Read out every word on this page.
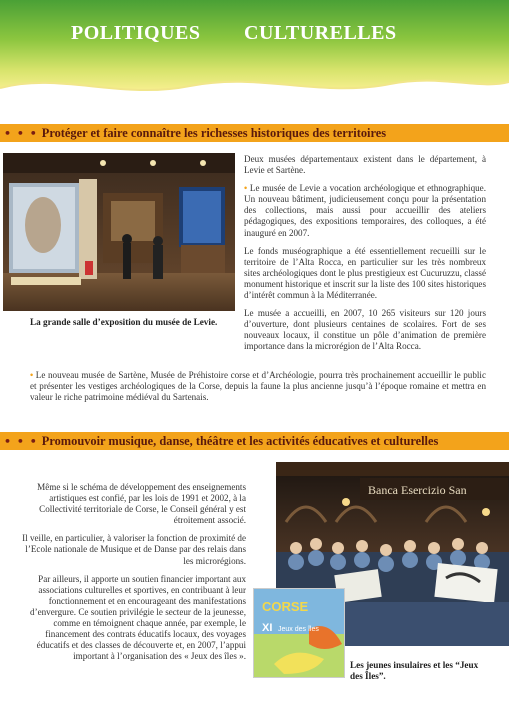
POLITIQUES CULTURELLES
• • • Protéger et faire connaître les richesses historiques des territoires
La grande salle d’exposition du musée de Levie.

Deux musées départementaux existent dans le département, à Levie et Sartène.

• Le musée de Levie a vocation archéologique et ethnographique. Un nouveau bâtiment, judicieusement conçu pour la présentation des collections, mais aussi pour accueillir des ateliers pédagogiques, des expositions temporaires, des colloques, a été inauguré en 2007.

Le fonds muséographique a été essentiellement recueilli sur le territoire de l’Alta Rocca, en particulier sur les très nombreux sites archéologiques dont le plus prestigieux est Cucuruzzu, classé monument historique et inscrit sur la liste des 100 sites historiques d’intérêt commun à la Méditerranée.

Le musée a accueilli, en 2007, 10 265 visiteurs sur 120 jours d’ouverture, dont plusieurs centaines de scolaires. Fort de ses nouveaux locaux, il constitue un pôle d’animation de première importance dans la microrégion de l’Alta Rocca.

• Le nouveau musée de Sartène, Musée de Préhistoire corse et d’Archéologie, pourra très prochainement accueillir le public et présenter les vestiges archéologiques de la Corse, depuis la faune la plus ancienne jusqu’à l’époque romaine et mettra en valeur le riche patrimoine médiéval du Sartenais.

• • • Promouvoir musique, danse, théâtre et les activités éducatives et culturelles

Même si le schéma de développement des enseignements artistiques est confié, par les lois de 1991 et 2002, à la Collectivité territoriale de Corse, le Conseil général y est étroitement associé.

Il veille, en particulier, à valoriser la fonction de proximité de l’Ecole nationale de Musique et de Danse par des relais dans les microrégions.

Par ailleurs, il apporte un soutien financier important aux associations culturelles et sportives, en contribuant à leur fonctionnement et en encourageant des manifestations d’envergure. Ce soutien privilégie le secteur de la jeunesse, comme en témoignent chaque année, par exemple, le financement des contrats éducatifs locaux, des voyages éducatifs et des classes de découverte et, en 2007, l’appui important à l’organisation des « Jeux des îles ».

Banca Esercizio San
CORSE
XI Jeux des îles
Les jeunes insulaires et les “Jeux des Îles”.
